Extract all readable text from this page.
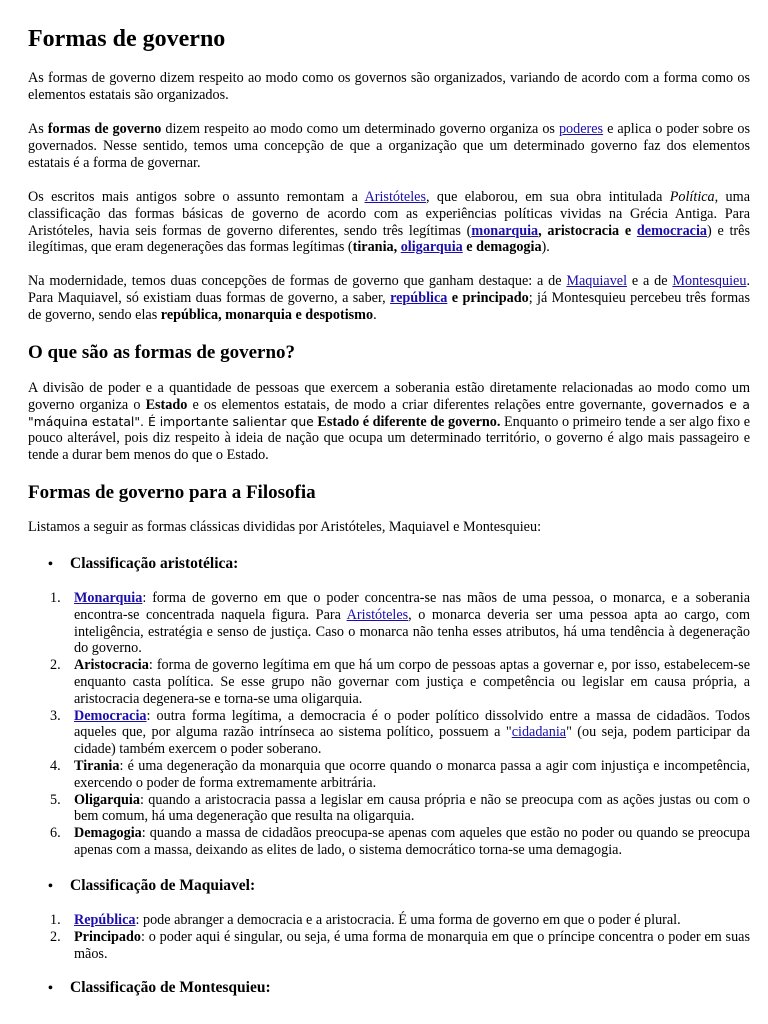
Formas de governo

As formas de governo dizem respeito ao modo como os governos são organizados, variando de acordo com a forma como os elementos estatais são organizados.

As formas de governo dizem respeito ao modo como um determinado governo organiza os poderes e aplica o poder sobre os governados. Nesse sentido, temos uma concepção de que a organização que um determinado governo faz dos elementos estatais é a forma de governar.

Os escritos mais antigos sobre o assunto remontam a Aristóteles, que elaborou, em sua obra intitulada Política, uma classificação das formas básicas de governo de acordo com as experiências políticas vividas na Grécia Antiga. Para Aristóteles, havia seis formas de governo diferentes, sendo três legítimas (monarquia, aristocracia e democracia) e três ilegítimas, que eram degenerações das formas legítimas (tirania, oligarquia e demagogia).

Na modernidade, temos duas concepções de formas de governo que ganham destaque: a de Maquiavel e a de Montesquieu. Para Maquiavel, só existiam duas formas de governo, a saber, república e principado; já Montesquieu percebeu três formas de governo, sendo elas república, monarquia e despotismo.

O que são as formas de governo?

A divisão de poder e a quantidade de pessoas que exercem a soberania estão diretamente relacionadas ao modo como um governo organiza o Estado e os elementos estatais, de modo a criar diferentes relações entre governante, governados e a "máquina estatal". É importante salientar que Estado é diferente de governo. Enquanto o primeiro tende a ser algo fixo e pouco alterável, pois diz respeito à ideia de nação que ocupa um determinado território, o governo é algo mais passageiro e tende a durar bem menos do que o Estado.

Formas de governo para a Filosofia

Listamos a seguir as formas clássicas divididas por Aristóteles, Maquiavel e Montesquieu:

• Classificação aristotélica:
1. Monarquia: forma de governo em que o poder concentra-se nas mãos de uma pessoa, o monarca, e a soberania encontra-se concentrada naquela figura. Para Aristóteles, o monarca deveria ser uma pessoa apta ao cargo, com inteligência, estratégia e senso de justiça. Caso o monarca não tenha esses atributos, há uma tendência à degeneração do governo.
2. Aristocracia: forma de governo legítima em que há um corpo de pessoas aptas a governar e, por isso, estabelecem-se enquanto casta política. Se esse grupo não governar com justiça e competência ou legislar em causa própria, a aristocracia degenera-se e torna-se uma oligarquia.
3. Democracia: outra forma legítima, a democracia é o poder político dissolvido entre a massa de cidadãos. Todos aqueles que, por alguma razão intrínseca ao sistema político, possuem a "cidadania" (ou seja, podem participar da cidade) também exercem o poder soberano.
4. Tirania: é uma degeneração da monarquia que ocorre quando o monarca passa a agir com injustiça e incompetência, exercendo o poder de forma extremamente arbitrária.
5. Oligarquia: quando a aristocracia passa a legislar em causa própria e não se preocupa com as ações justas ou com o bem comum, há uma degeneração que resulta na oligarquia.
6. Demagogia: quando a massa de cidadãos preocupa-se apenas com aqueles que estão no poder ou quando se preocupa apenas com a massa, deixando as elites de lado, o sistema democrático torna-se uma demagogia.
• Classificação de Maquiavel:
1. República: pode abranger a democracia e a aristocracia. É uma forma de governo em que o poder é plural.
2. Principado: o poder aqui é singular, ou seja, é uma forma de monarquia em que o príncipe concentra o poder em suas mãos.
• Classificação de Montesquieu:
